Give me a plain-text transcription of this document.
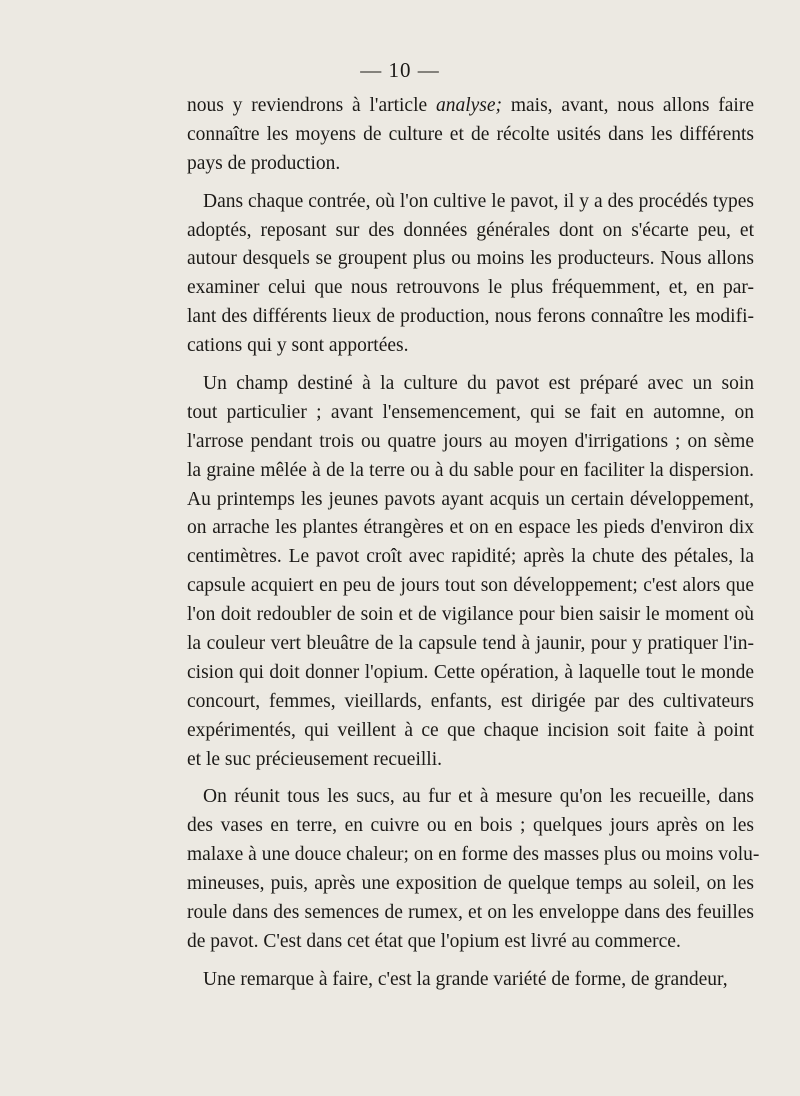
— 10 —
nous y reviendrons à l'article analyse; mais, avant, nous allons faire
connaître les moyens de culture et de récolte usités dans les différents
pays de production.
Dans chaque contrée, où l'on cultive le pavot, il y a des procédés types
adoptés, reposant sur des données générales dont on s'écarte peu, et
autour desquels se groupent plus ou moins les producteurs. Nous allons
examiner celui que nous retrouvons le plus fréquemment, et, en par-
lant des différents lieux de production, nous ferons connaître les modifi-
cations qui y sont apportées.
Un champ destiné à la culture du pavot est préparé avec un soin
tout particulier ; avant l'ensemencement, qui se fait en automne, on
l'arrose pendant trois ou quatre jours au moyen d'irrigations ; on sème
la graine mêlée à de la terre ou à du sable pour en faciliter la dispersion.
Au printemps les jeunes pavots ayant acquis un certain développement,
on arrache les plantes étrangères et on en espace les pieds d'environ dix
centimètres. Le pavot croît avec rapidité; après la chute des pétales, la
capsule acquiert en peu de jours tout son développement; c'est alors que
l'on doit redoubler de soin et de vigilance pour bien saisir le moment où
la couleur vert bleuâtre de la capsule tend à jaunir, pour y pratiquer l'in-
cision qui doit donner l'opium. Cette opération, à laquelle tout le monde
concourt, femmes, vieillards, enfants, est dirigée par des cultivateurs
expérimentés, qui veillent à ce que chaque incision soit faite à point
et le suc précieusement recueilli.
On réunit tous les sucs, au fur et à mesure qu'on les recueille, dans
des vases en terre, en cuivre ou en bois ; quelques jours après on les
malaxe à une douce chaleur; on en forme des masses plus ou moins volu-
mineuses, puis, après une exposition de quelque temps au soleil, on les
roule dans des semences de rumex, et on les enveloppe dans des feuilles
de pavot. C'est dans cet état que l'opium est livré au commerce.
Une remarque à faire, c'est la grande variété de forme, de grandeur,
